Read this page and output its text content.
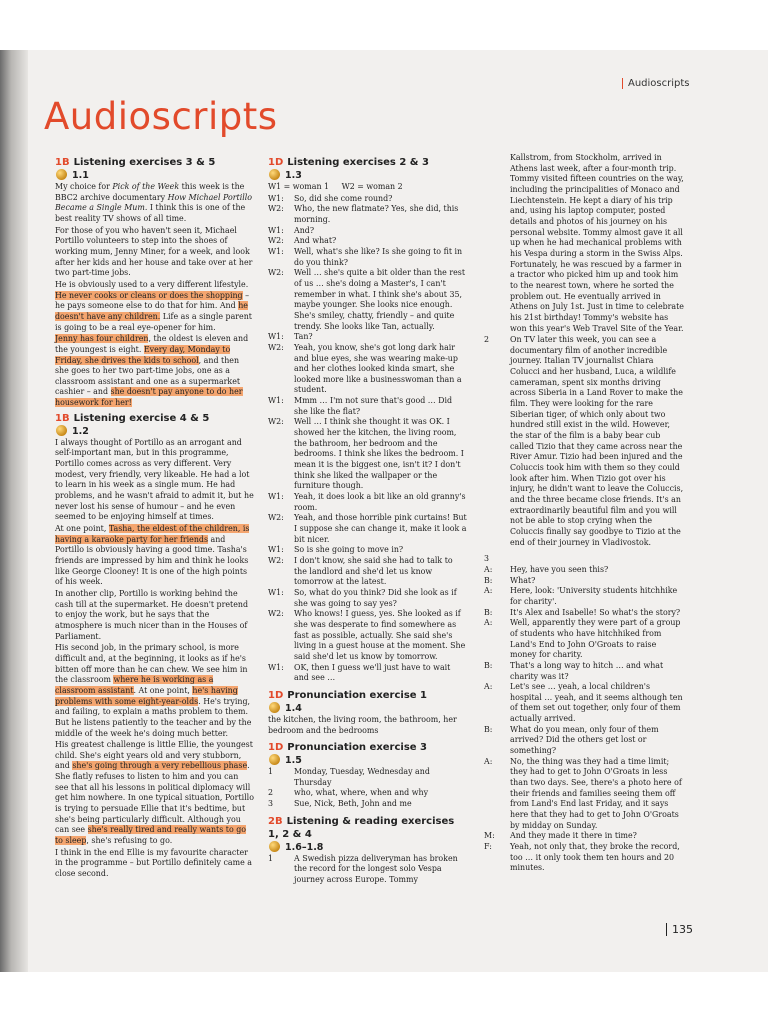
Audioscripts
Audioscripts
1B Listening exercises 3 & 5
1.1

My choice for Pick of the Week this week is the BBC2 archive documentary How Michael Portillo Became a Single Mum. I think this is one of the best reality TV shows of all time.

For those of you who haven't seen it, Michael Portillo volunteers to step into the shoes of working mum, Jenny Miner, for a week, and look after her kids and her house and take over at her two part-time jobs.

He is obviously used to a very different lifestyle. He never cooks or cleans or does the shopping – he pays someone else to do that for him. And he doesn't have any children. Life as a single parent is going to be a real eye-opener for him.

Jenny has four children, the oldest is eleven and the youngest is eight. Every day, Monday to Friday, she drives the kids to school, and then she goes to her two part-time jobs, one as a classroom assistant and one as a supermarket cashier – and she doesn't pay anyone to do her housework for her!

1B Listening exercise 4 & 5
1.2

I always thought of Portillo as an arrogant and self-important man, but in this programme, Portillo comes across as very different. Very modest, very friendly, very likeable. He had a lot to learn in his week as a single mum. He had problems, and he wasn't afraid to admit it, but he never lost his sense of humour – and he even seemed to be enjoying himself at times.

At one point, Tasha, the eldest of the children, is having a karaoke party for her friends and Portillo is obviously having a good time. Tasha's friends are impressed by him and think he looks like George Clooney! It is one of the high points of his week.

In another clip, Portillo is working behind the cash till at the supermarket. He doesn't pretend to enjoy the work, but he says that the atmosphere is much nicer than in the Houses of Parliament.

His second job, in the primary school, is more difficult and, at the beginning, it looks as if he's bitten off more than he can chew. We see him in the classroom where he is working as a classroom assistant. At one point, he's having problems with some eight-year-olds. He's trying, and failing, to explain a maths problem to them. But he listens patiently to the teacher and by the middle of the week he's doing much better.

His greatest challenge is little Ellie, the youngest child. She's eight years old and very stubborn, and she's going through a very rebellious phase. She flatly refuses to listen to him and you can see that all his lessons in political diplomacy will get him nowhere. In one typical situation, Portillo is trying to persuade Ellie that it's bedtime, but she's being particularly difficult. Although you can see she's really tired and really wants to go to sleep, she's refusing to go.

I think in the end Ellie is my favourite character in the programme – but Portillo definitely came a close second.

1D Listening exercises 2 & 3
1.3

W1 = woman 1     W2 = woman 2

W1:	So, did she come round?
W2:	Who, the new flatmate? Yes, she did, this morning.
W1:	And?
W2:	And what?
W1:	Well, what's she like? Is she going to fit in do you think?
W2:	Well … she's quite a bit older than the rest of us … she's doing a Master's, I can't remember in what. I think she's about 35, maybe younger. She looks nice enough. She's smiley, chatty, friendly – and quite trendy. She looks like Tan, actually.
W1:	Tan?
W2:	Yeah, you know, she's got long dark hair and blue eyes, she was wearing make-up and her clothes looked kinda smart, she looked more like a businesswoman than a student.
W1:	Mmm … I'm not sure that's good … Did she like the flat?
W2:	Well … I think she thought it was OK. I showed her the kitchen, the living room, the bathroom, her bedroom and the bedrooms. I think she likes the bedroom. I mean it is the biggest one, isn't it? I don't think she liked the wallpaper or the furniture though.
W1:	Yeah, it does look a bit like an old granny's room.
W2:	Yeah, and those horrible pink curtains! But I suppose she can change it, make it look a bit nicer.
W1:	So is she going to move in?
W2:	I don't know, she said she had to talk to the landlord and she'd let us know tomorrow at the latest.
W1:	So, what do you think? Did she look as if she was going to say yes?
W2:	Who knows! I guess, yes. She looked as if she was desperate to find somewhere as fast as possible, actually. She said she's living in a guest house at the moment. She said she'd let us know by tomorrow.
W1:	OK, then I guess we'll just have to wait and see …
1D Pronunciation exercise 1
1.4

the kitchen, the living room, the bathroom, her bedroom and the bedrooms

1D Pronunciation exercise 3
1.5
1	Monday, Tuesday, Wednesday and Thursday
2	who, what, where, when and why
3	Sue, Nick, Beth, John and me
2B Listening & reading exercises 1, 2 & 4
1.6–1.8
1	A Swedish pizza deliveryman has broken the record for the longest solo Vespa journey across Europe. Tommy

Kallstrom, from Stockholm, arrived in Athens last week, after a four-month trip. Tommy visited fifteen countries on the way, including the principalities of Monaco and Liechtenstein. He kept a diary of his trip and, using his laptop computer, posted details and photos of his journey on his personal website. Tommy almost gave it all up when he had mechanical problems with his Vespa during a storm in the Swiss Alps. Fortunately, he was rescued by a farmer in a tractor who picked him up and took him to the nearest town, where he sorted the problem out. He eventually arrived in Athens on July 1st. Just in time to celebrate his 21st birthday! Tommy's website has won this year's Web Travel Site of the Year.

2	On TV later this week, you can see a documentary film of another incredible journey. Italian TV journalist Chiara Colucci and her husband, Luca, a wildlife cameraman, spent six months driving across Siberia in a Land Rover to make the film. They were looking for the rare Siberian tiger, of which only about two hundred still exist in the wild. However, the star of the film is a baby bear cub called Tizio that they came across near the River Amur. Tizio had been injured and the Coluccis took him with them so they could look after him. When Tizio got over his injury, he didn't want to leave the Coluccis, and the three became close friends. It's an extraordinarily beautiful film and you will not be able to stop crying when the Coluccis finally say goodbye to Tizio at the end of their journey in Vladivostok.
3
A:	Hey, have you seen this?
B:	What?
A:	Here, look: 'University students hitchhike for charity'.
B:	It's Alex and Isabelle! So what's the story?
A:	Well, apparently they were part of a group of students who have hitchhiked from Land's End to John O'Groats to raise money for charity.
B:	That's a long way to hitch … and what charity was it?
A:	Let's see … yeah, a local children's hospital … yeah, and it seems although ten of them set out together, only four of them actually arrived.
B:	What do you mean, only four of them arrived? Did the others get lost or something?
A:	No, the thing was they had a time limit; they had to get to John O'Groats in less than two days. See, there's a photo here of their friends and families seeing them off from Land's End last Friday, and it says here that they had to get to John O'Groats by midday on Sunday.
M:	And they made it there in time?
F:	Yeah, not only that, they broke the record, too … it only took them ten hours and 20 minutes.
135
